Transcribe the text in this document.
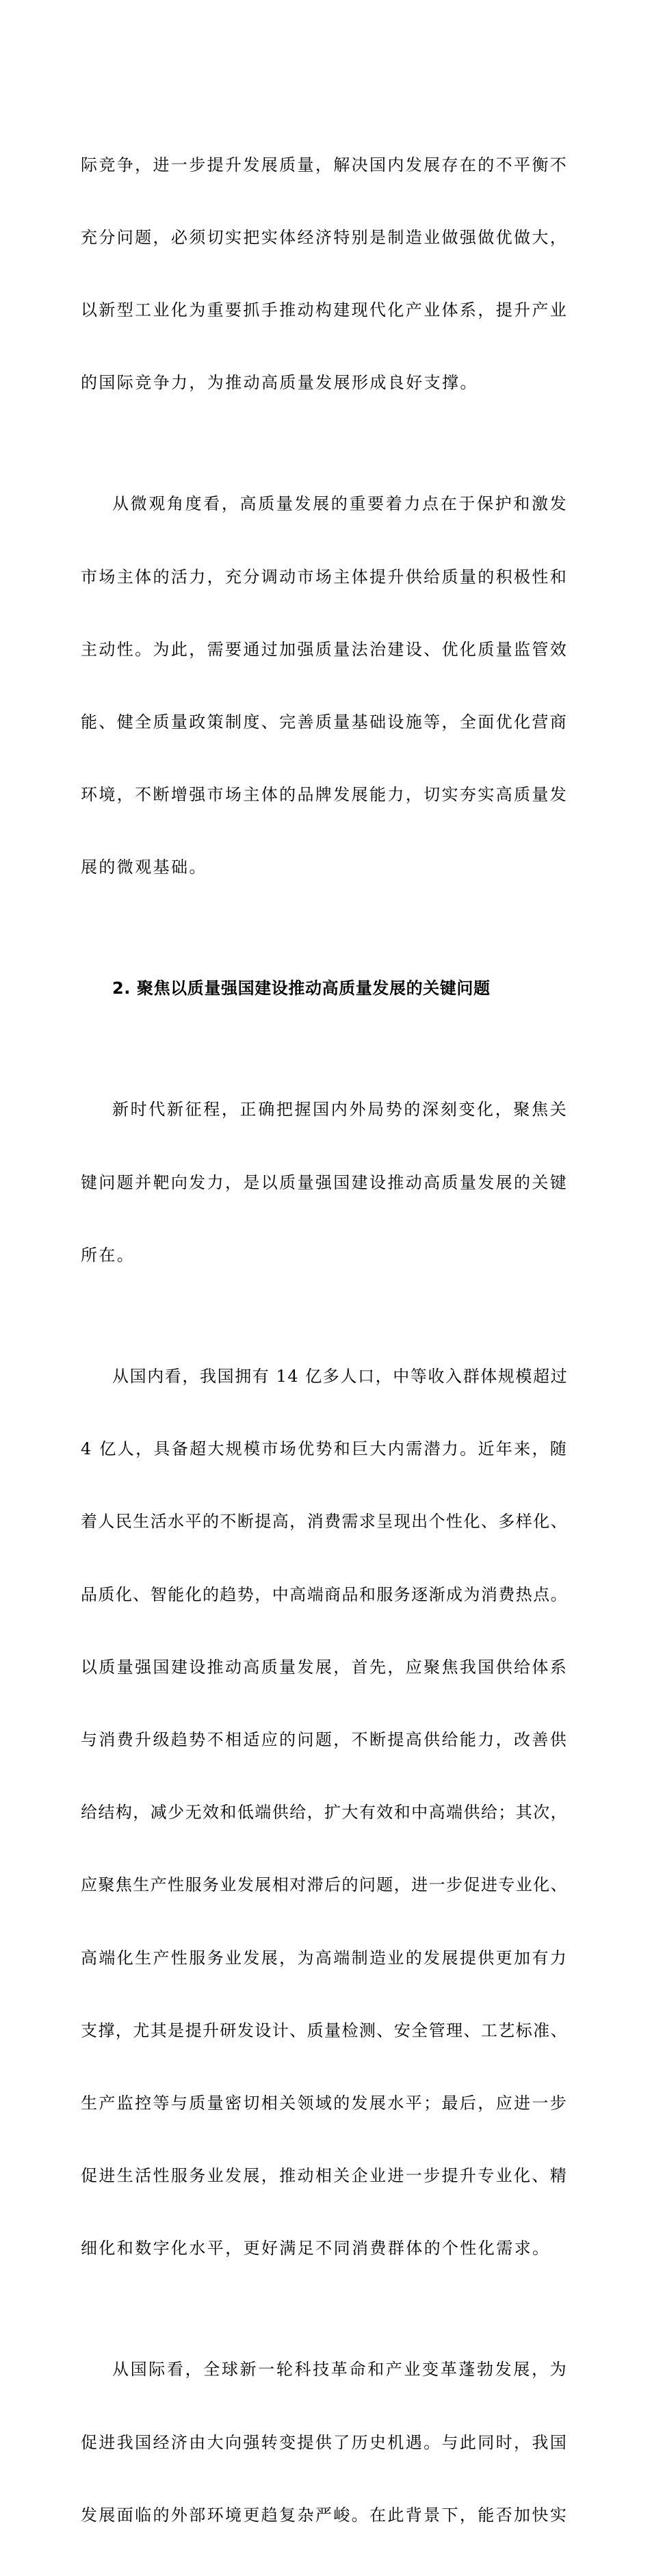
际竞争，进一步提升发展质量，解决国内发展存在的不平衡不

充分问题，必须切实把实体经济特别是制造业做强做优做大，

以新型工业化为重要抓手推动构建现代化产业体系，提升产业

的国际竞争力，为推动高质量发展形成良好支撑。

从微观角度看，高质量发展的重要着力点在于保护和激发

市场主体的活力，充分调动市场主体提升供给质量的积极性和

主动性。为此，需要通过加强质量法治建设、优化质量监管效

能、健全质量政策制度、完善质量基础设施等，全面优化营商

环境，不断增强市场主体的品牌发展能力，切实夯实高质量发

展的微观基础。

2. 聚焦以质量强国建设推动高质量发展的关键问题

新时代新征程，正确把握国内外局势的深刻变化，聚焦关

键问题并靶向发力，是以质量强国建设推动高质量发展的关键

所在。

从国内看，我国拥有 14 亿多人口，中等收入群体规模超过

4 亿人，具备超大规模市场优势和巨大内需潜力。近年来，随

着人民生活水平的不断提高，消费需求呈现出个性化、多样化、

品质化、智能化的趋势，中高端商品和服务逐渐成为消费热点。

以质量强国建设推动高质量发展，首先，应聚焦我国供给体系

与消费升级趋势不相适应的问题，不断提高供给能力，改善供

给结构，减少无效和低端供给，扩大有效和中高端供给；其次，

应聚焦生产性服务业发展相对滞后的问题，进一步促进专业化、

高端化生产性服务业发展，为高端制造业的发展提供更加有力

支撑，尤其是提升研发设计、质量检测、安全管理、工艺标准、

生产监控等与质量密切相关领域的发展水平；最后，应进一步

促进生活性服务业发展，推动相关企业进一步提升专业化、精

细化和数字化水平，更好满足不同消费群体的个性化需求。

从国际看，全球新一轮科技革命和产业变革蓬勃发展，为

促进我国经济由大向强转变提供了历史机遇。与此同时，我国

发展面临的外部环境更趋复杂严峻。在此背景下，能否加快实
